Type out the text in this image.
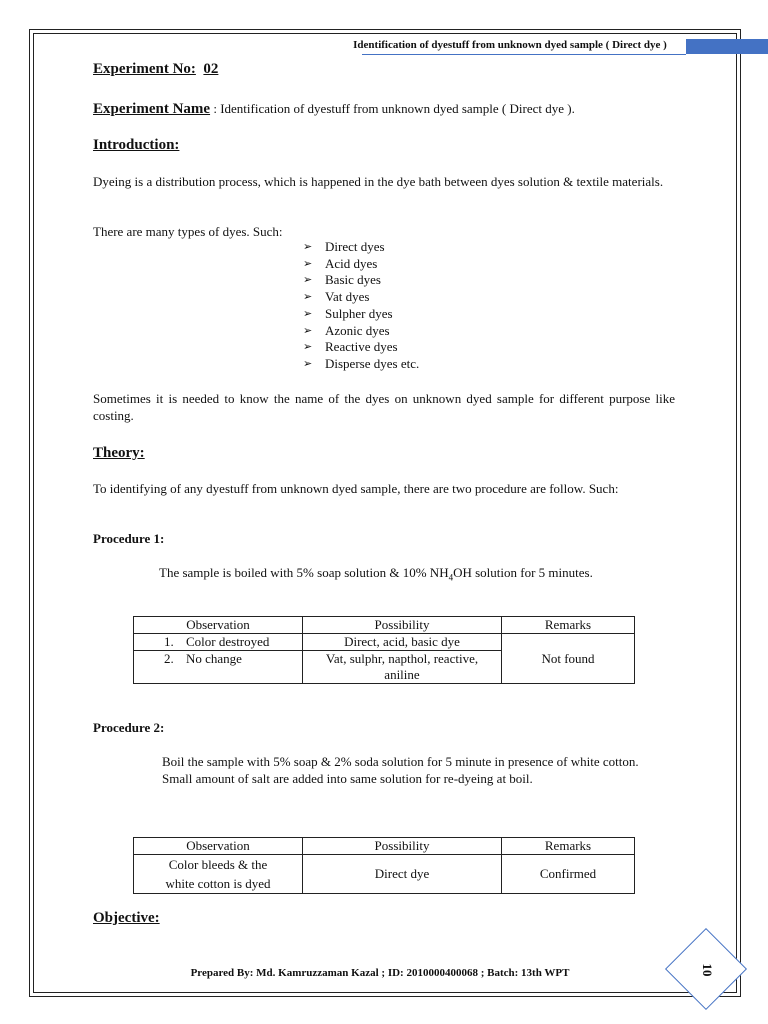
Identification of dyestuff from unknown dyed sample ( Direct dye )
Experiment No: 02
Experiment Name : Identification of dyestuff from unknown dyed sample ( Direct dye ).
Introduction:
Dyeing is a distribution process, which is happened in the dye bath between dyes solution & textile materials.
There are many types of dyes. Such:
➢ Direct dyes
➢ Acid dyes
➢ Basic dyes
➢ Vat dyes
➢ Sulpher dyes
➢ Azonic dyes
➢ Reactive dyes
➢ Disperse dyes etc.
Sometimes it is needed to know the name of the dyes on unknown dyed sample for different purpose like costing.
Theory:
To identifying of any dyestuff from unknown dyed sample, there are two procedure are follow. Such:
Procedure 1:
The sample is boiled with 5% soap solution & 10% $NH_4OH$ solution for 5 minutes.
Observation	Possibility	Remarks

1. Color destroyed	Direct, acid, basic dye	Not found

2. No change	Vat, sulphr, napthol, reactive, aniline	
Procedure 2:
Boil the sample with 5% soap & 2% soda solution for 5 minute in presence of white cotton. Small amount of salt are added into same solution for re-dyeing at boil.
Observation	Possibility	Remarks
Color bleeds & the white cotton is dyed	Direct dye	Confirmed
Objective:
Prepared By: Md. Kamruzzaman Kazal ; ID: 2010000400068 ; Batch: 13th WPT	10
